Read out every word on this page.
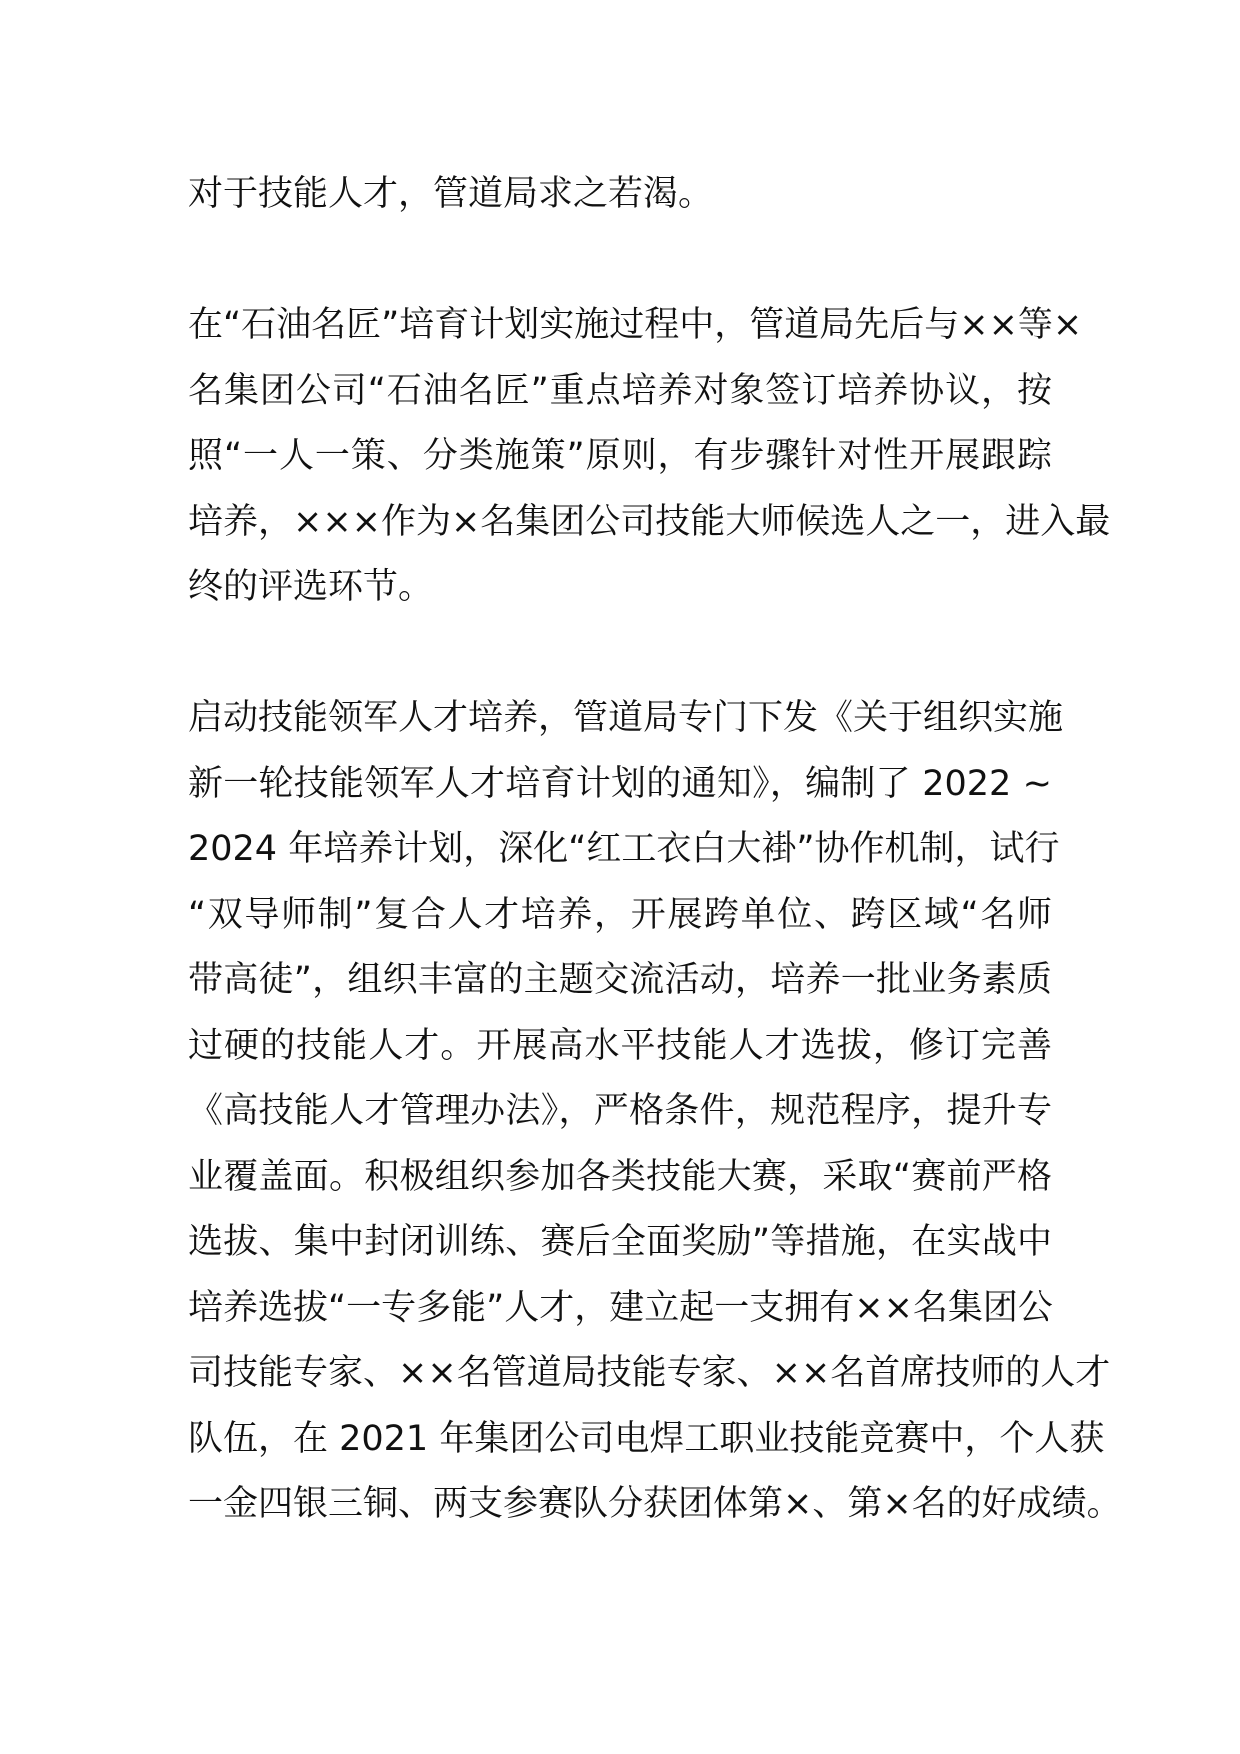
对于技能人才，管道局求之若渴。
在“石油名匠”培育计划实施过程中，管道局先后与××等×
名集团公司“石油名匠”重点培养对象签订培养协议，按
照“一人一策、分类施策”原则，有步骤针对性开展跟踪
培养，×××作为×名集团公司技能大师候选人之一，进入最
终的评选环节。
启动技能领军人才培养，管道局专门下发《关于组织实施
新一轮技能领军人才培育计划的通知》，编制了 2022 ~
2024 年培养计划，深化“红工衣白大褂”协作机制，试行
“双导师制”复合人才培养，开展跨单位、跨区域“名师
带高徒”，组织丰富的主题交流活动，培养一批业务素质
过硬的技能人才。开展高水平技能人才选拔，修订完善
《高技能人才管理办法》，严格条件，规范程序，提升专
业覆盖面。积极组织参加各类技能大赛，采取“赛前严格
选拔、集中封闭训练、赛后全面奖励”等措施，在实战中
培养选拔“一专多能”人才，建立起一支拥有××名集团公
司技能专家、××名管道局技能专家、××名首席技师的人才
队伍，在 2021 年集团公司电焊工职业技能竞赛中，个人获
一金四银三铜、两支参赛队分获团体第×、第×名的好成绩。
